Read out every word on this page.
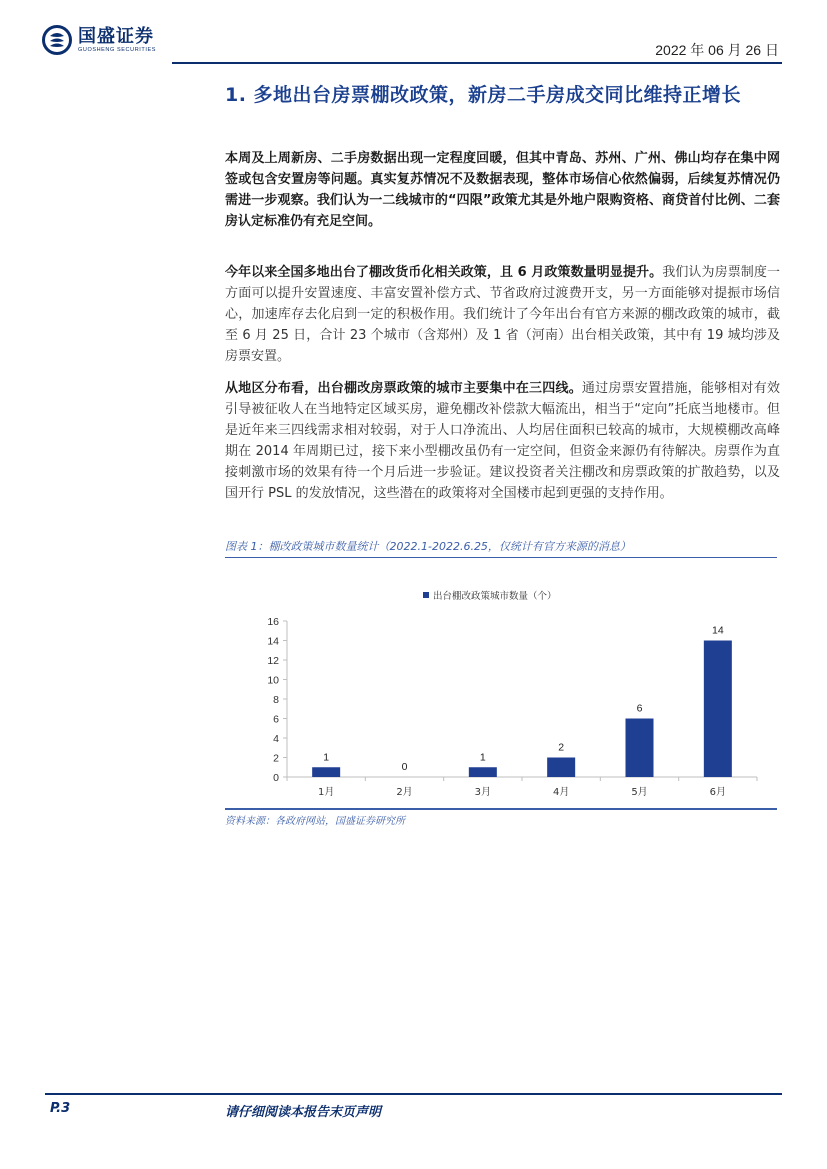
国盛证券
GUOSHENG SECURITIES	2022 年 06 月 26 日
1. 多地出台房票棚改政策，新房二手房成交同比维持正增长
本周及上周新房、二手房数据出现一定程度回暖，但其中青岛、苏州、广州、佛山均存在集中网签或包含安置房等问题。真实复苏情况不及数据表现，整体市场信心依然偏弱，后续复苏情况仍需进一步观察。我们认为一二线城市的“四限”政策尤其是外地户限购资格、商贷首付比例、二套房认定标准仍有充足空间。
今年以来全国多地出台了棚改货币化相关政策，且 6 月政策数量明显提升。我们认为房票制度一方面可以提升安置速度、丰富安置补偿方式、节省政府过渡费开支，另一方面能够对提振市场信心，加速库存去化启到一定的积极作用。我们统计了今年出台有官方来源的棚改政策的城市，截至 6 月 25 日，合计 23 个城市（含郑州）及 1 省（河南）出台相关政策，其中有 19 城均涉及房票安置。
从地区分布看，出台棚改房票政策的城市主要集中在三四线。通过房票安置措施，能够相对有效引导被征收人在当地特定区域买房，避免棚改补偿款大幅流出，相当于“定向”托底当地楼市。但是近年来三四线需求相对较弱，对于人口净流出、人均居住面积已较高的城市，大规模棚改高峰期在 2014 年周期已过，接下来小型棚改虽仍有一定空间，但资金来源仍有待解决。房票作为直接刺激市场的效果有待一个月后进一步验证。建议投资者关注棚改和房票政策的扩散趋势，以及国开行 PSL 的发放情况，这些潜在的政策将对全国楼市起到更强的支持作用。
图表 1：棚改政策城市数量统计（2022.1-2022.6.25，仅统计有官方来源的消息）
出台棚改政策城市数量（个）
0
2
4
6
8
10
12
14
16
1
1月
0
2月
1
3月
2
4月
6
5月
14
6月
资料来源：各政府网站，国盛证券研究所
P.3	请仔细阅读本报告末页声明
